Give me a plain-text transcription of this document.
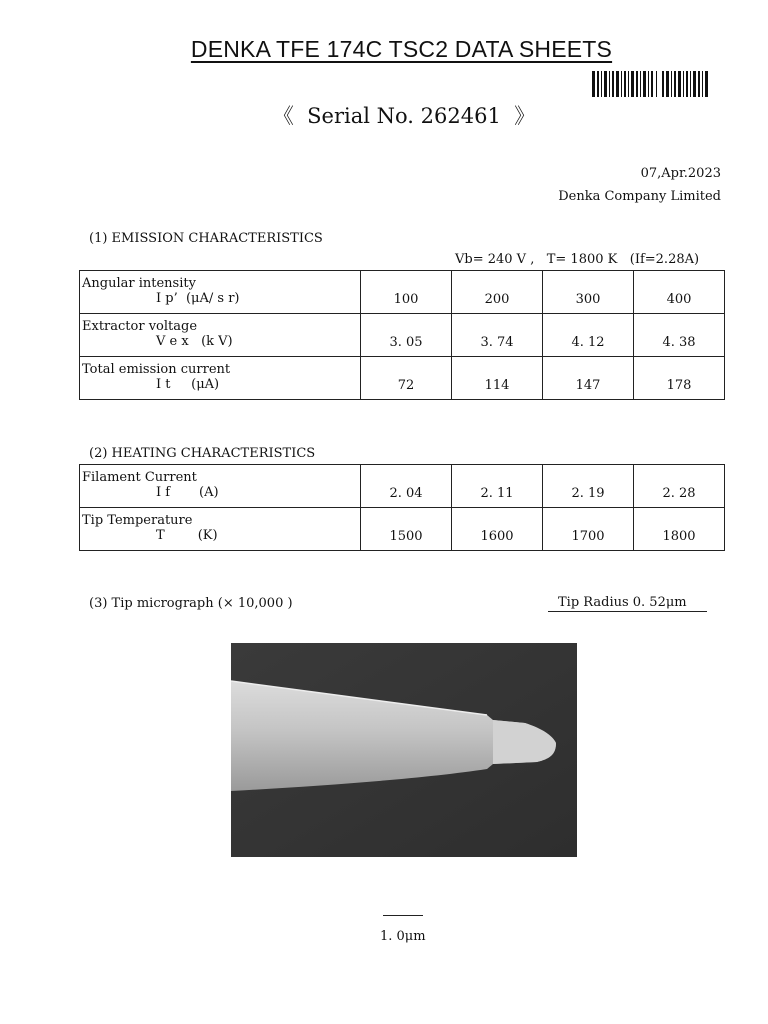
DENKA TFE 174C TSC2 DATA SHEETS
《  Serial No. 262461  》
07,Apr.2023
Denka Company Limited
(1) EMISSION CHARACTERISTICS
Vb= 240 V ,   T= 1800 K   (If=2.28A)
Angular intensity
I p’  (μA/ s r)	100	200	300	400

Extractor voltage
V e x   (k V)	3. 05	3. 74	4. 12	4. 38

Total emission current
I t     (μA)	72	114	147	178
(2) HEATING CHARACTERISTICS
Filament Current
I f       (A)	2. 04	2. 11	2. 19	2. 28

Tip Temperature
T        (K)	1500	1600	1700	1800
(3) Tip micrograph (× 10,000 )	Tip Radius 0. 52μm
1. 0μm
